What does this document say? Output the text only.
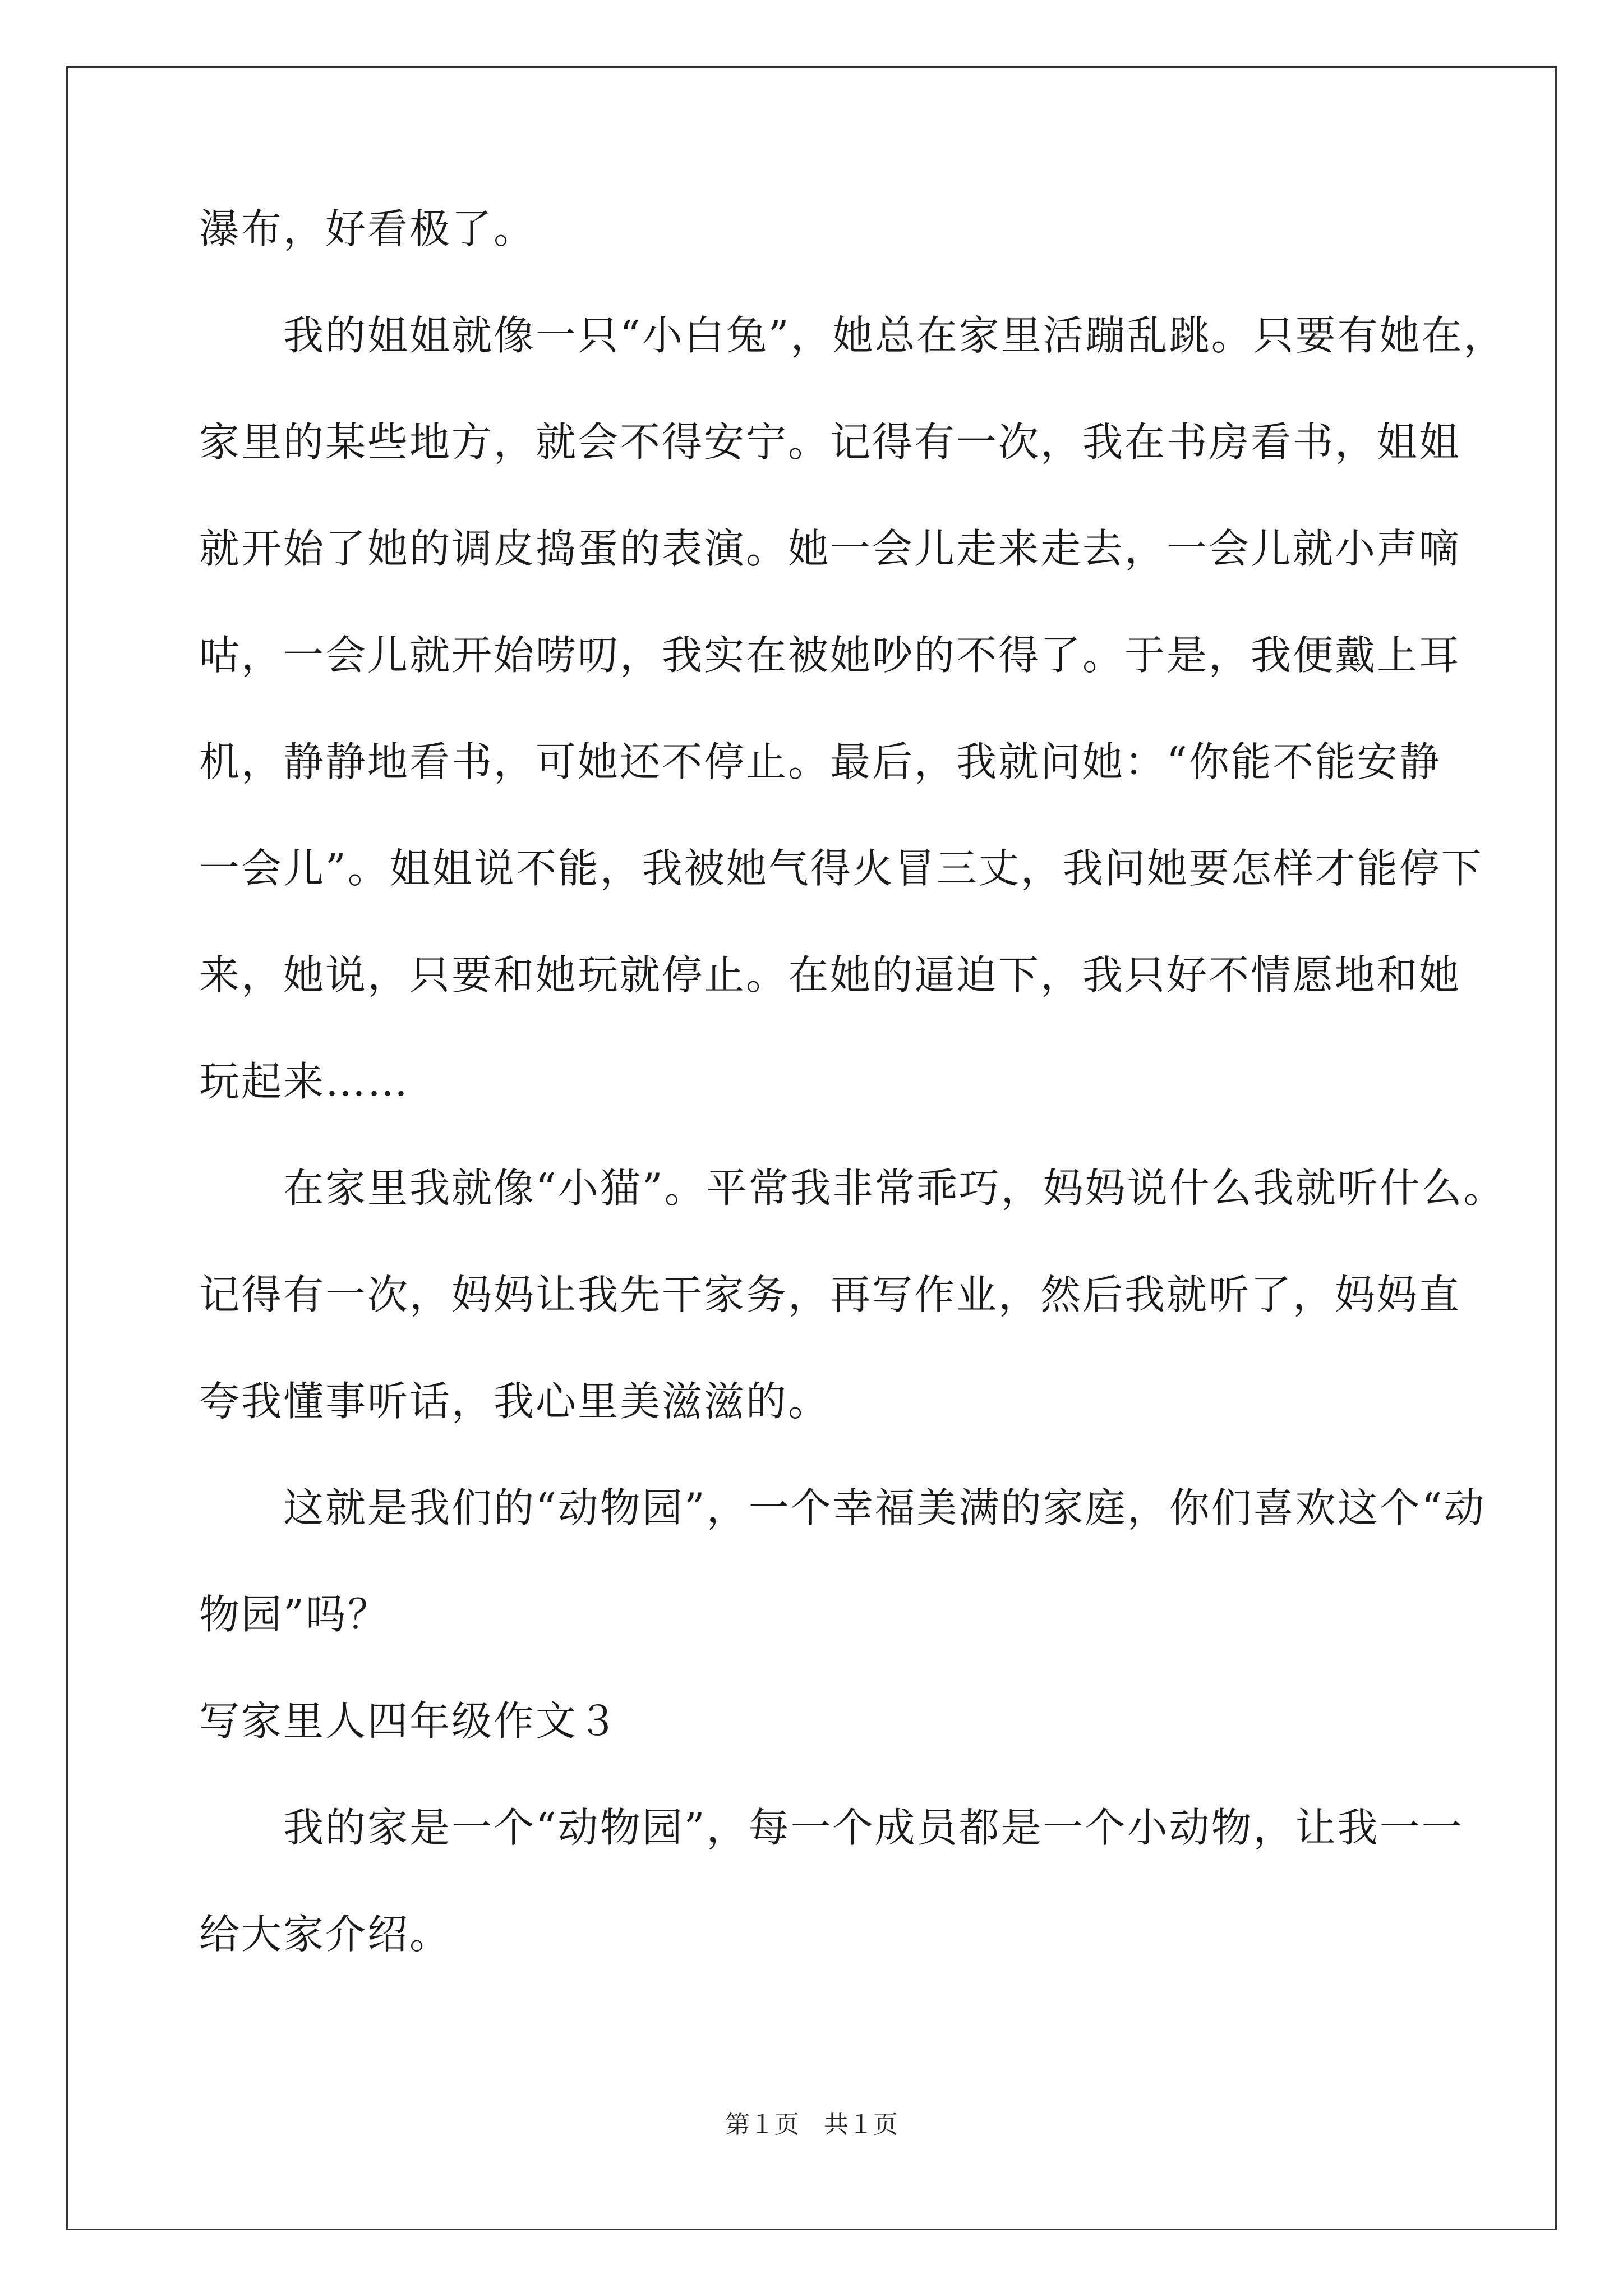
瀑布，好看极了。
我的姐姐就像一只“小白兔”，她总在家里活蹦乱跳。只要有她在，
家里的某些地方，就会不得安宁。记得有一次，我在书房看书，姐姐
就开始了她的调皮捣蛋的表演。她一会儿走来走去，一会儿就小声嘀
咕，一会儿就开始唠叨，我实在被她吵的不得了。于是，我便戴上耳
机，静静地看书，可她还不停止。最后，我就问她：“你能不能安静
一会儿”。姐姐说不能，我被她气得火冒三丈，我问她要怎样才能停下
来，她说，只要和她玩就停止。在她的逼迫下，我只好不情愿地和她
玩起来……
在家里我就像“小猫”。平常我非常乖巧，妈妈说什么我就听什么。
记得有一次，妈妈让我先干家务，再写作业，然后我就听了，妈妈直
夸我懂事听话，我心里美滋滋的。
这就是我们的“动物园”，一个幸福美满的家庭，你们喜欢这个“动
物园”吗？
写家里人四年级作文３
我的家是一个“动物园”，每一个成员都是一个小动物，让我一一
给大家介绍。
第１页　共１页
